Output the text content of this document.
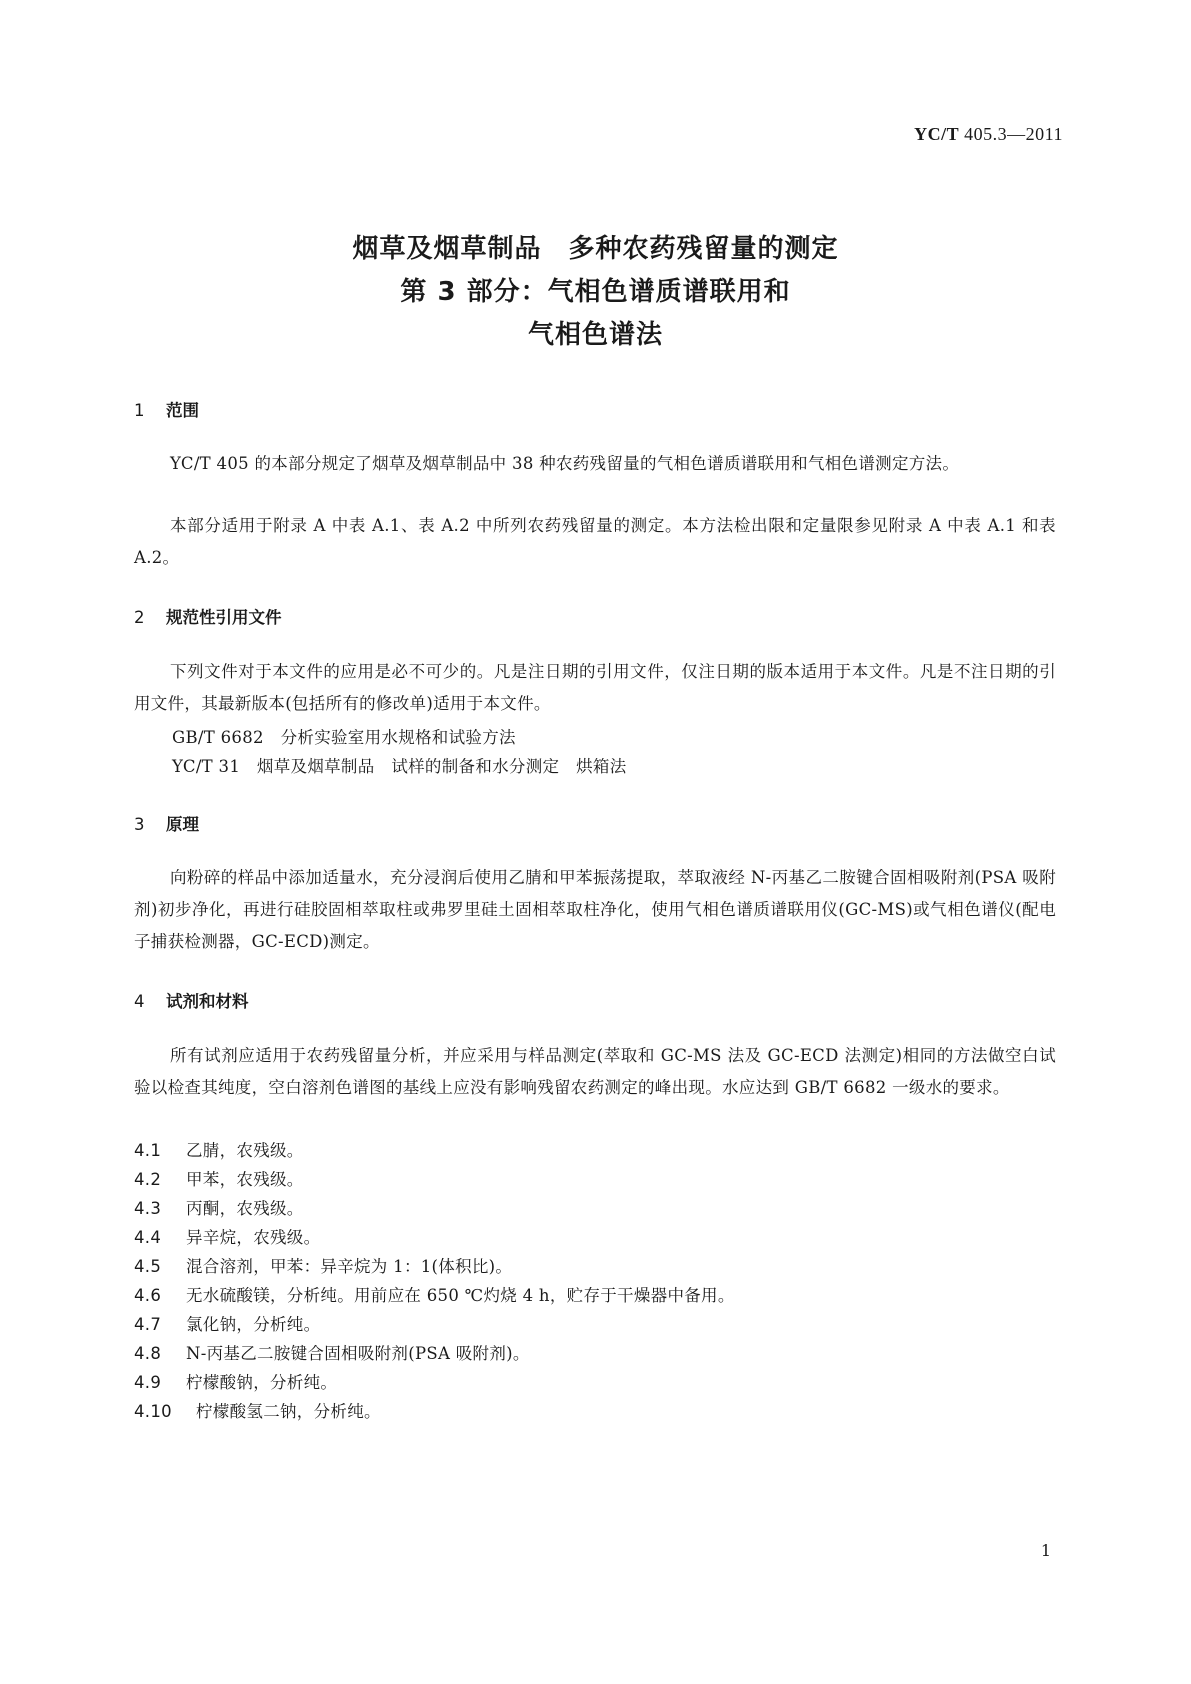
YC/T 405.3—2011
烟草及烟草制品　多种农药残留量的测定
第 3 部分：气相色谱质谱联用和
气相色谱法
1 范围
YC/T 405 的本部分规定了烟草及烟草制品中 38 种农药残留量的气相色谱质谱联用和气相色谱测定方法。
本部分适用于附录 A 中表 A.1、表 A.2 中所列农药残留量的测定。本方法检出限和定量限参见附录 A 中表 A.1 和表 A.2。
2 规范性引用文件
下列文件对于本文件的应用是必不可少的。凡是注日期的引用文件，仅注日期的版本适用于本文件。凡是不注日期的引用文件，其最新版本(包括所有的修改单)适用于本文件。
GB/T 6682　分析实验室用水规格和试验方法
YC/T 31　烟草及烟草制品　试样的制备和水分测定　烘箱法
3 原理
向粉碎的样品中添加适量水，充分浸润后使用乙腈和甲苯振荡提取，萃取液经 N-丙基乙二胺键合固相吸附剂(PSA 吸附剂)初步净化，再进行硅胶固相萃取柱或弗罗里硅土固相萃取柱净化，使用气相色谱质谱联用仪(GC-MS)或气相色谱仪(配电子捕获检测器，GC-ECD)测定。
4 试剂和材料
所有试剂应适用于农药残留量分析，并应采用与样品测定(萃取和 GC-MS 法及 GC-ECD 法测定)相同的方法做空白试验以检查其纯度，空白溶剂色谱图的基线上应没有影响残留农药测定的峰出现。水应达到 GB/T 6682 一级水的要求。
4.1 乙腈，农残级。
4.2 甲苯，农残级。
4.3 丙酮，农残级。
4.4 异辛烷，农残级。
4.5 混合溶剂，甲苯：异辛烷为 1：1(体积比)。
4.6 无水硫酸镁，分析纯。用前应在 650 ℃灼烧 4 h，贮存于干燥器中备用。
4.7 氯化钠，分析纯。
4.8 N-丙基乙二胺键合固相吸附剂(PSA 吸附剂)。
4.9 柠檬酸钠，分析纯。
4.10 柠檬酸氢二钠，分析纯。
1
